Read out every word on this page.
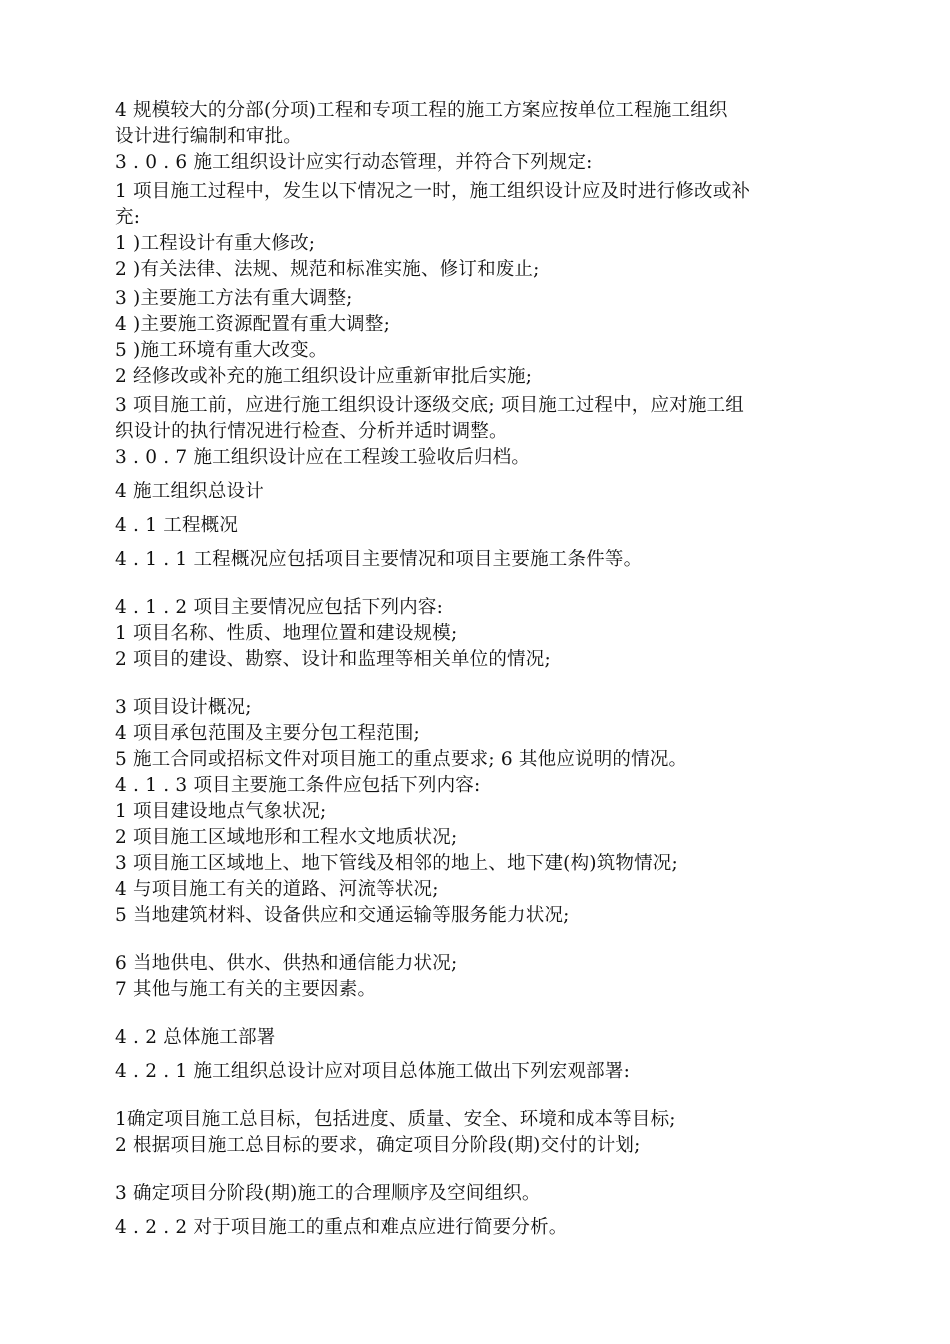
4 规模较大的分部(分项)工程和专项工程的施工方案应按单位工程施工组织

设计进行编制和审批。

3 . 0 . 6 施工组织设计应实行动态管理，并符合下列规定:

1 项目施工过程中，发生以下情况之一时，施工组织设计应及时进行修改或补

充:

1 )工程设计有重大修改;

2 )有关法律、法规、规范和标准实施、修订和废止;

3 )主要施工方法有重大调整;

4 )主要施工资源配置有重大调整;

5 )施工环境有重大改变。

2 经修改或补充的施工组织设计应重新审批后实施;

3 项目施工前，应进行施工组织设计逐级交底; 项目施工过程中，应对施工组

织设计的执行情况进行检查、分析并适时调整。

3 . 0 . 7 施工组织设计应在工程竣工验收后归档。

4 施工组织总设计

4 . 1 工程概况

4 . 1 . 1 工程概况应包括项目主要情况和项目主要施工条件等。

4 . 1 . 2 项目主要情况应包括下列内容:

1 项目名称、性质、地理位置和建设规模;

2 项目的建设、勘察、设计和监理等相关单位的情况;

3 项目设计概况;

4 项目承包范围及主要分包工程范围;

5 施工合同或招标文件对项目施工的重点要求; 6 其他应说明的情况。

4 . 1 . 3 项目主要施工条件应包括下列内容:

1 项目建设地点气象状况;

2 项目施工区域地形和工程水文地质状况;

3 项目施工区域地上、地下管线及相邻的地上、地下建(构)筑物情况;

4 与项目施工有关的道路、河流等状况;

5 当地建筑材料、设备供应和交通运输等服务能力状况;

6 当地供电、供水、供热和通信能力状况;

7 其他与施工有关的主要因素。

4 . 2 总体施工部署

4 . 2 . 1 施工组织总设计应对项目总体施工做出下列宏观部署:

1确定项目施工总目标，包括进度、质量、安全、环境和成本等目标;

2 根据项目施工总目标的要求，确定项目分阶段(期)交付的计划;

3 确定项目分阶段(期)施工的合理顺序及空间组织。

4 . 2 . 2 对于项目施工的重点和难点应进行简要分析。
